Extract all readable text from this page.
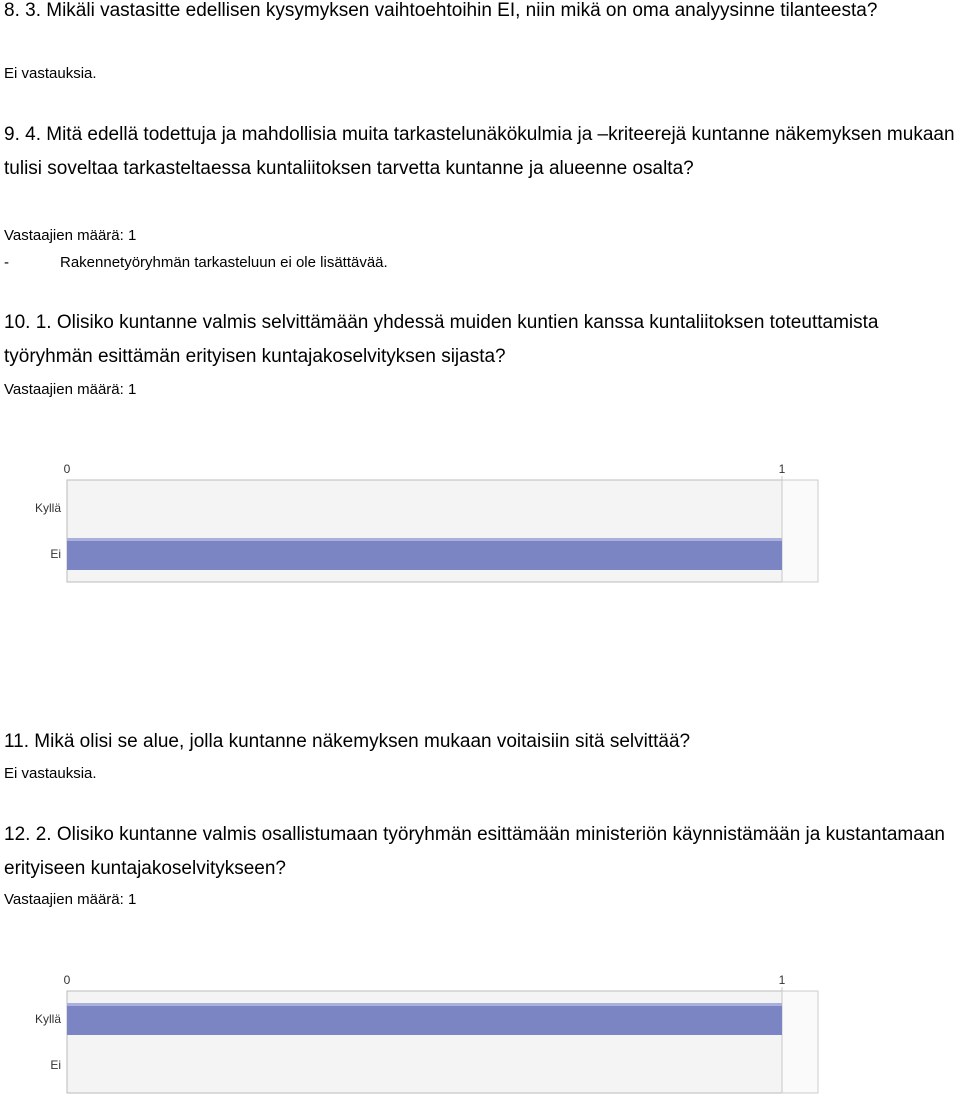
8. 3. Mikäli vastasitte edellisen kysymyksen vaihtoehtoihin EI, niin mikä on oma analyysinne tilanteesta?

Ei vastauksia.

9. 4. Mitä edellä todettuja ja mahdollisia muita tarkastelunäkökulmia ja –kriteerejä kuntanne näkemyksen mukaan tulisi soveltaa tarkasteltaessa kuntaliitoksen tarvetta kuntanne ja alueenne osalta?

Vastaajien määrä: 1
-	Rakennetyöryhmän tarkasteluun ei ole lisättävää.

10. 1. Olisiko kuntanne valmis selvittämään yhdessä muiden kuntien kanssa kuntaliitoksen toteuttamista työryhmän esittämän erityisen kuntajakoselvityksen sijasta?

Vastaajien määrä: 1
0	1
Kyllä
Ei

11. Mikä olisi se alue, jolla kuntanne näkemyksen mukaan voitaisiin sitä selvittää?

Ei vastauksia.

12. 2. Olisiko kuntanne valmis osallistumaan työryhmän esittämään ministeriön käynnistämään ja kustantamaan erityiseen kuntajakoselvitykseen?

Vastaajien määrä: 1
0	1
Kyllä
Ei
